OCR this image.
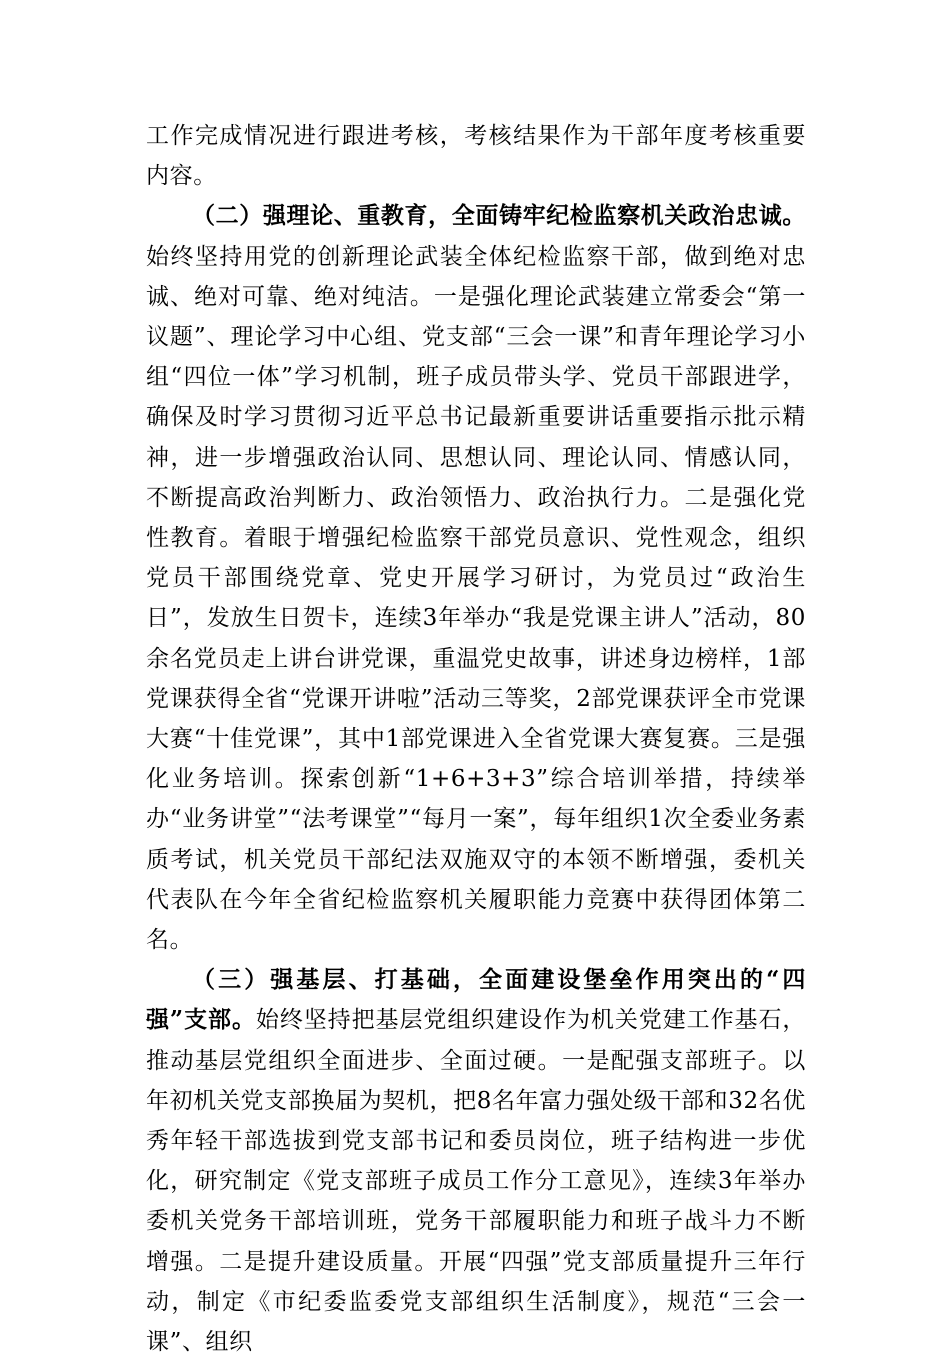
工作完成情况进行跟进考核，考核结果作为干部年度考核重要内容。

（二）强理论、重教育，全面铸牢纪检监察机关政治忠诚。始终坚持用党的创新理论武装全体纪检监察干部，做到绝对忠诚、绝对可靠、绝对纯洁。一是强化理论武装建立常委会“第一议题”、理论学习中心组、党支部“三会一课”和青年理论学习小组“四位一体”学习机制，班子成员带头学、党员干部跟进学，确保及时学习贯彻习近平总书记最新重要讲话重要指示批示精神，进一步增强政治认同、思想认同、理论认同、情感认同，不断提高政治判断力、政治领悟力、政治执行力。二是强化党性教育。着眼于增强纪检监察干部党员意识、党性观念，组织党员干部围绕党章、党史开展学习研讨，为党员过“政治生日”，发放生日贺卡，连续3年举办“我是党课主讲人”活动，80余名党员走上讲台讲党课，重温党史故事，讲述身边榜样，1部党课获得全省“党课开讲啦”活动三等奖，2部党课获评全市党课大赛“十佳党课”，其中1部党课进入全省党课大赛复赛。三是强化业务培训。探索创新“1+6+3+3”综合培训举措，持续举办“业务讲堂”“法考课堂”“每月一案”，每年组织1次全委业务素质考试，机关党员干部纪法双施双守的本领不断增强，委机关代表队在今年全省纪检监察机关履职能力竞赛中获得团体第二名。

（三）强基层、打基础，全面建设堡垒作用突出的“四强”支部。始终坚持把基层党组织建设作为机关党建工作基石，推动基层党组织全面进步、全面过硬。一是配强支部班子。以年初机关党支部换届为契机，把8名年富力强处级干部和32名优秀年轻干部选拔到党支部书记和委员岗位，班子结构进一步优化，研究制定《党支部班子成员工作分工意见》，连续3年举办委机关党务干部培训班，党务干部履职能力和班子战斗力不断增强。二是提升建设质量。开展“四强”党支部质量提升三年行动，制定《市纪委监委党支部组织生活制度》，规范“三会一课”、组织
